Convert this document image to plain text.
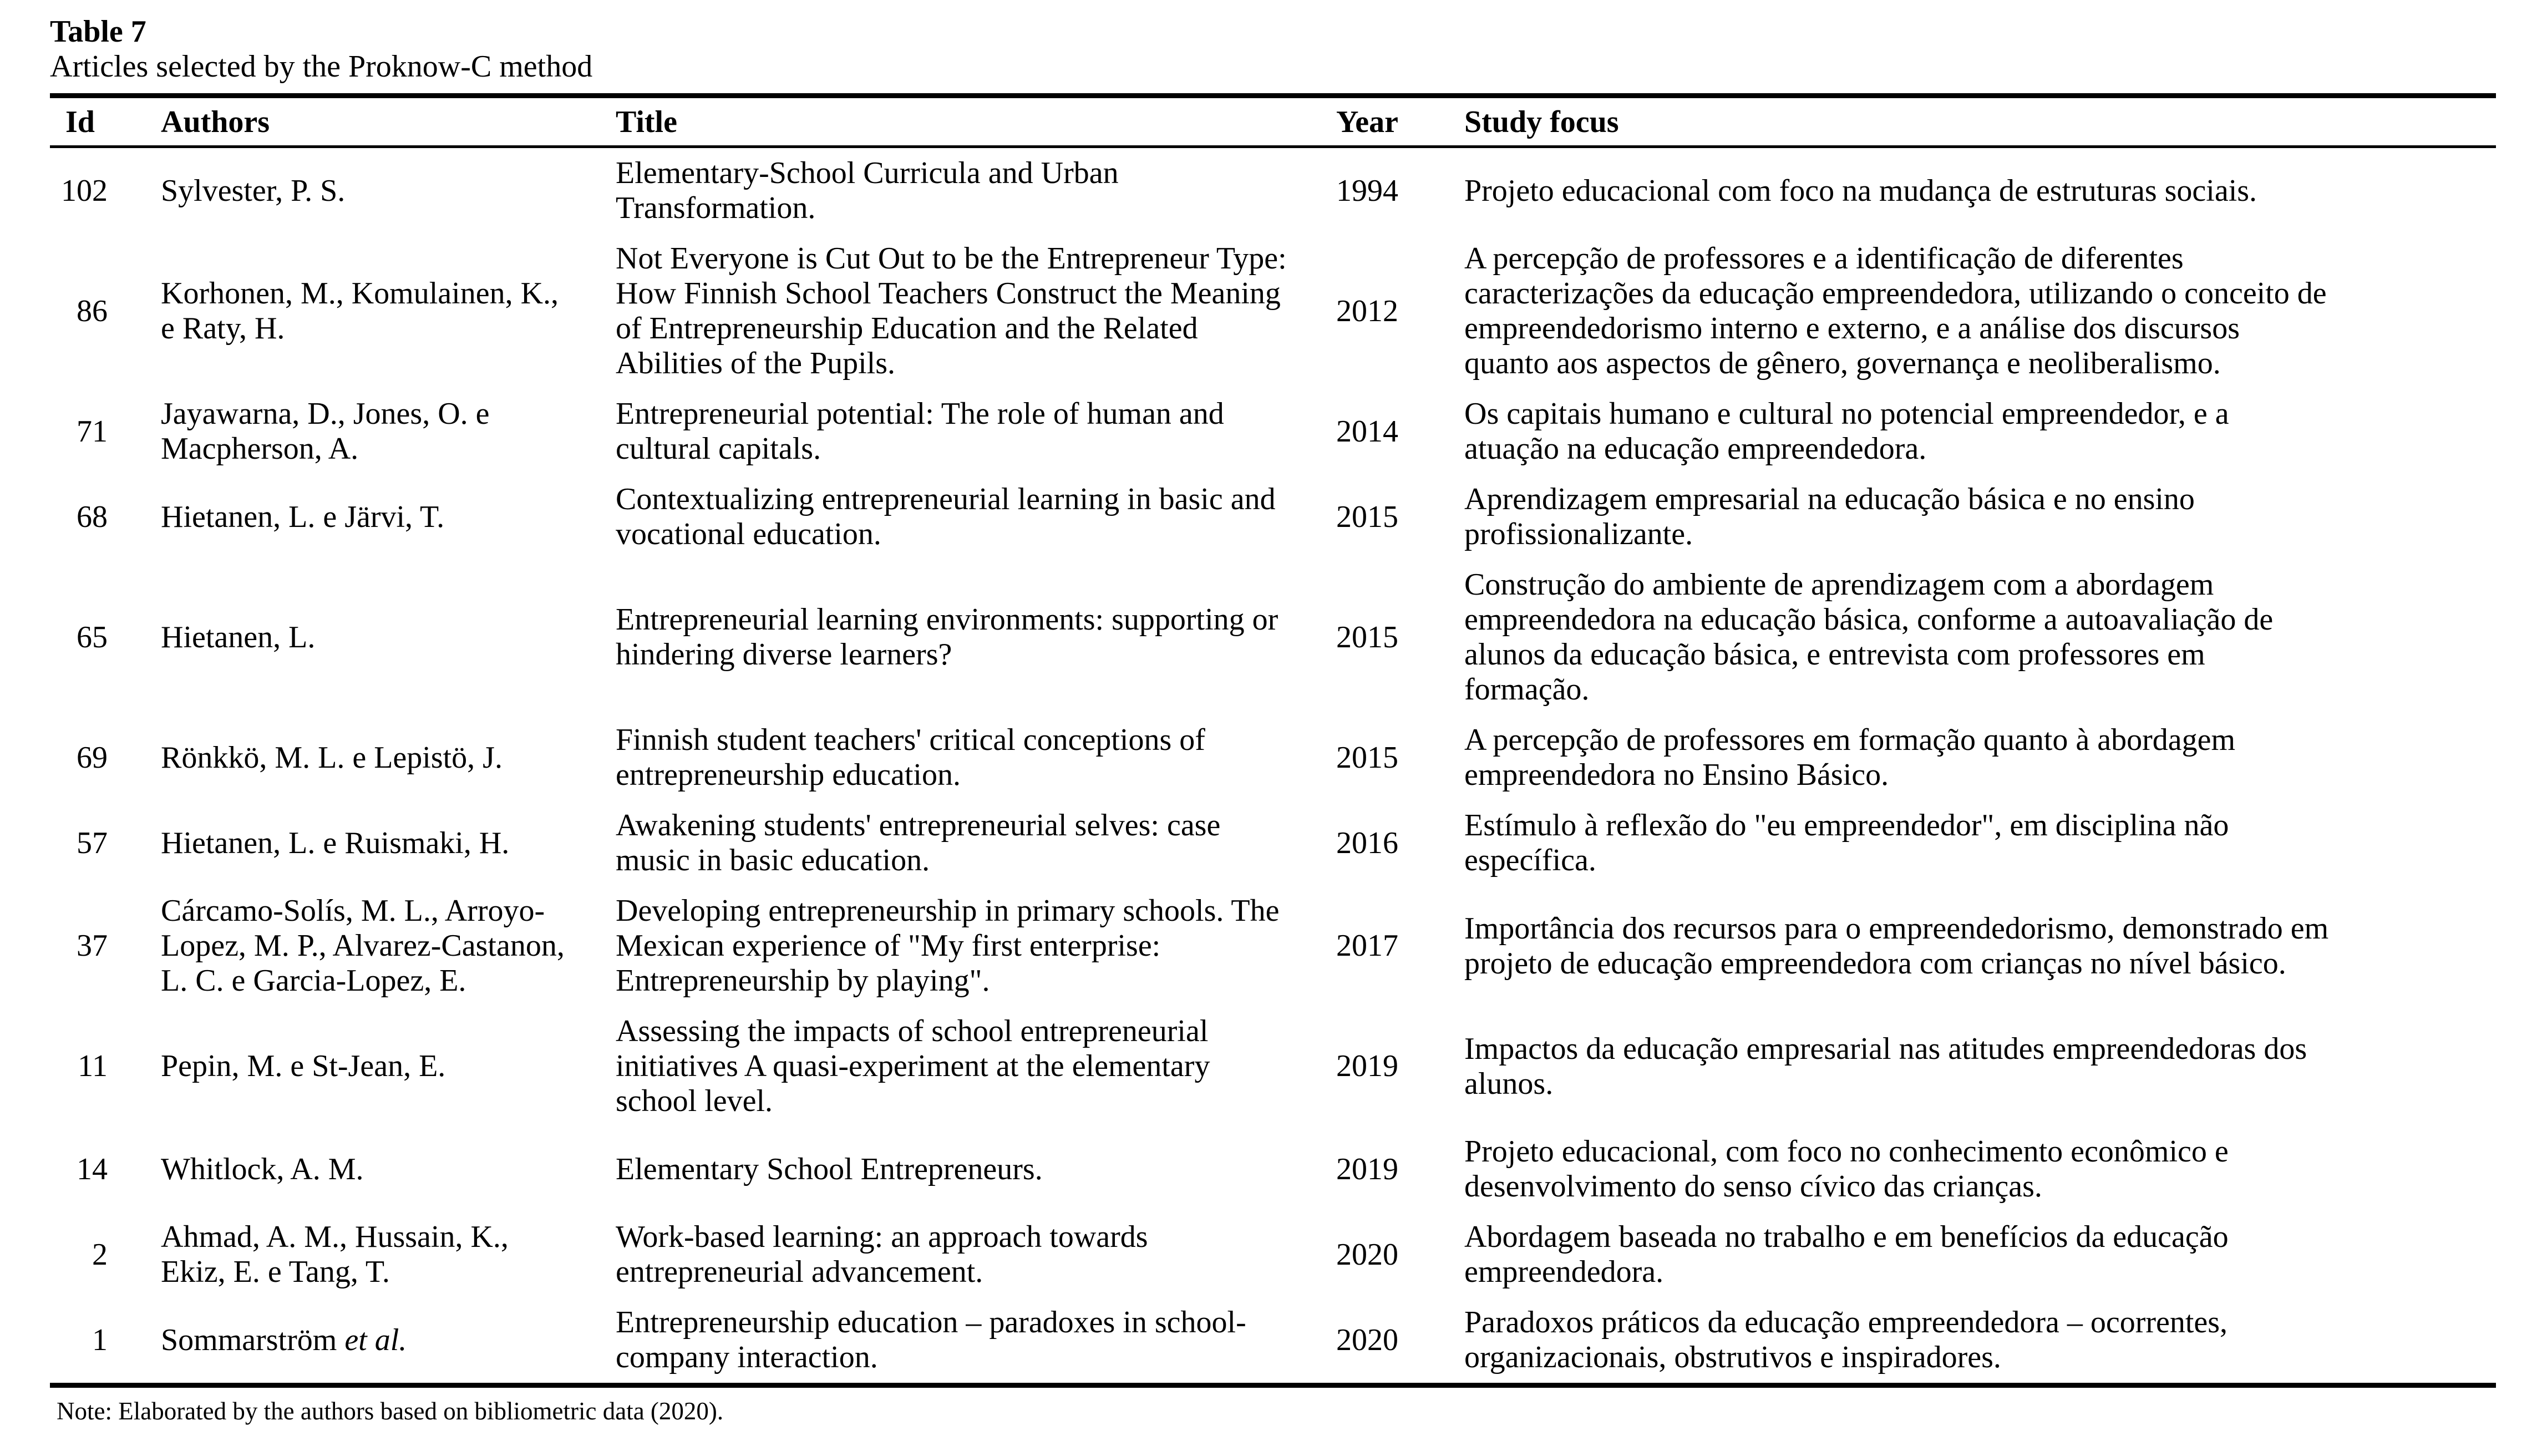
Table 7
Articles selected by the Proknow-C method
Id	Authors	Title	Year	Study focus
102	Sylvester, P. S.	Elementary-School Curricula and Urban Transformation.	1994	Projeto educacional com foco na mudança de estruturas sociais.

86	Korhonen, M., Komulainen, K., e Raty, H.	Not Everyone is Cut Out to be the Entrepreneur Type: How Finnish School Teachers Construct the Meaning of Entrepreneurship Education and the Related Abilities of the Pupils.	2012	A percepção de professores e a identificação de diferentes caracterizações da educação empreendedora, utilizando o conceito de empreendedorismo interno e externo, e a análise dos discursos quanto aos aspectos de gênero, governança e neoliberalismo.

71	Jayawarna, D., Jones, O. e Macpherson, A.	Entrepreneurial potential: The role of human and cultural capitals.	2014	Os capitais humano e cultural no potencial empreendedor, e a atuação na educação empreendedora.

68	Hietanen, L. e Järvi, T.	Contextualizing entrepreneurial learning in basic and vocational education.	2015	Aprendizagem empresarial na educação básica e no ensino profissionalizante.

65	Hietanen, L.	Entrepreneurial learning environments: supporting or hindering diverse learners?	2015	Construção do ambiente de aprendizagem com a abordagem empreendedora na educação básica, conforme a autoavaliação de alunos da educação básica, e entrevista com professores em formação.

69	Rönkkö, M. L. e Lepistö, J.	Finnish student teachers' critical conceptions of entrepreneurship education.	2015	A percepção de professores em formação quanto à abordagem empreendedora no Ensino Básico.

57	Hietanen, L. e Ruismaki, H.	Awakening students' entrepreneurial selves: case music in basic education.	2016	Estímulo à reflexão do "eu empreendedor", em disciplina não específica.

37	Cárcamo-Solís, M. L., Arroyo-Lopez, M. P., Alvarez-Castanon, L. C. e Garcia-Lopez, E.	Developing entrepreneurship in primary schools. The Mexican experience of "My first enterprise: Entrepreneurship by playing".	2017	Importância dos recursos para o empreendedorismo, demonstrado em projeto de educação empreendedora com crianças no nível básico.

11	Pepin, M. e St-Jean, E.	Assessing the impacts of school entrepreneurial initiatives A quasi-experiment at the elementary school level.	2019	Impactos da educação empresarial nas atitudes empreendedoras dos alunos.

14	Whitlock, A. M.	Elementary School Entrepreneurs.	2019	Projeto educacional, com foco no conhecimento econômico e desenvolvimento do senso cívico das crianças.

2	Ahmad, A. M., Hussain, K., Ekiz, E. e Tang, T.	Work-based learning: an approach towards entrepreneurial advancement.	2020	Abordagem baseada no trabalho e em benefícios da educação empreendedora.

1	Sommarström et al.	Entrepreneurship education – paradoxes in school-company interaction.	2020	Paradoxos práticos da educação empreendedora – ocorrentes, organizacionais, obstrutivos e inspiradores.
Note: Elaborated by the authors based on bibliometric data (2020).
